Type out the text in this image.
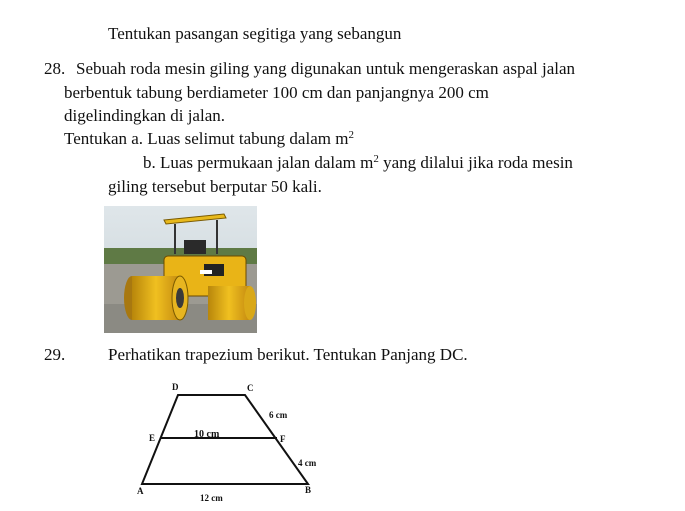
Tentukan pasangan segitiga yang sebangun
28. Sebuah roda mesin giling yang digunakan untuk mengeraskan aspal jalan
berbentuk tabung berdiameter 100 cm dan panjangnya 200 cm
digelindingkan di jalan.
Tentukan a. Luas selimut tabung dalam $m^2$
b. Luas permukaan jalan dalam $m^2$ yang dilalui jika roda mesin
giling tersebut berputar 50 kali.
29.	Perhatikan trapezium berikut. Tentukan Panjang DC.
D	C
E	F
A	B
6 cm
10 cm
4 cm
12 cm
